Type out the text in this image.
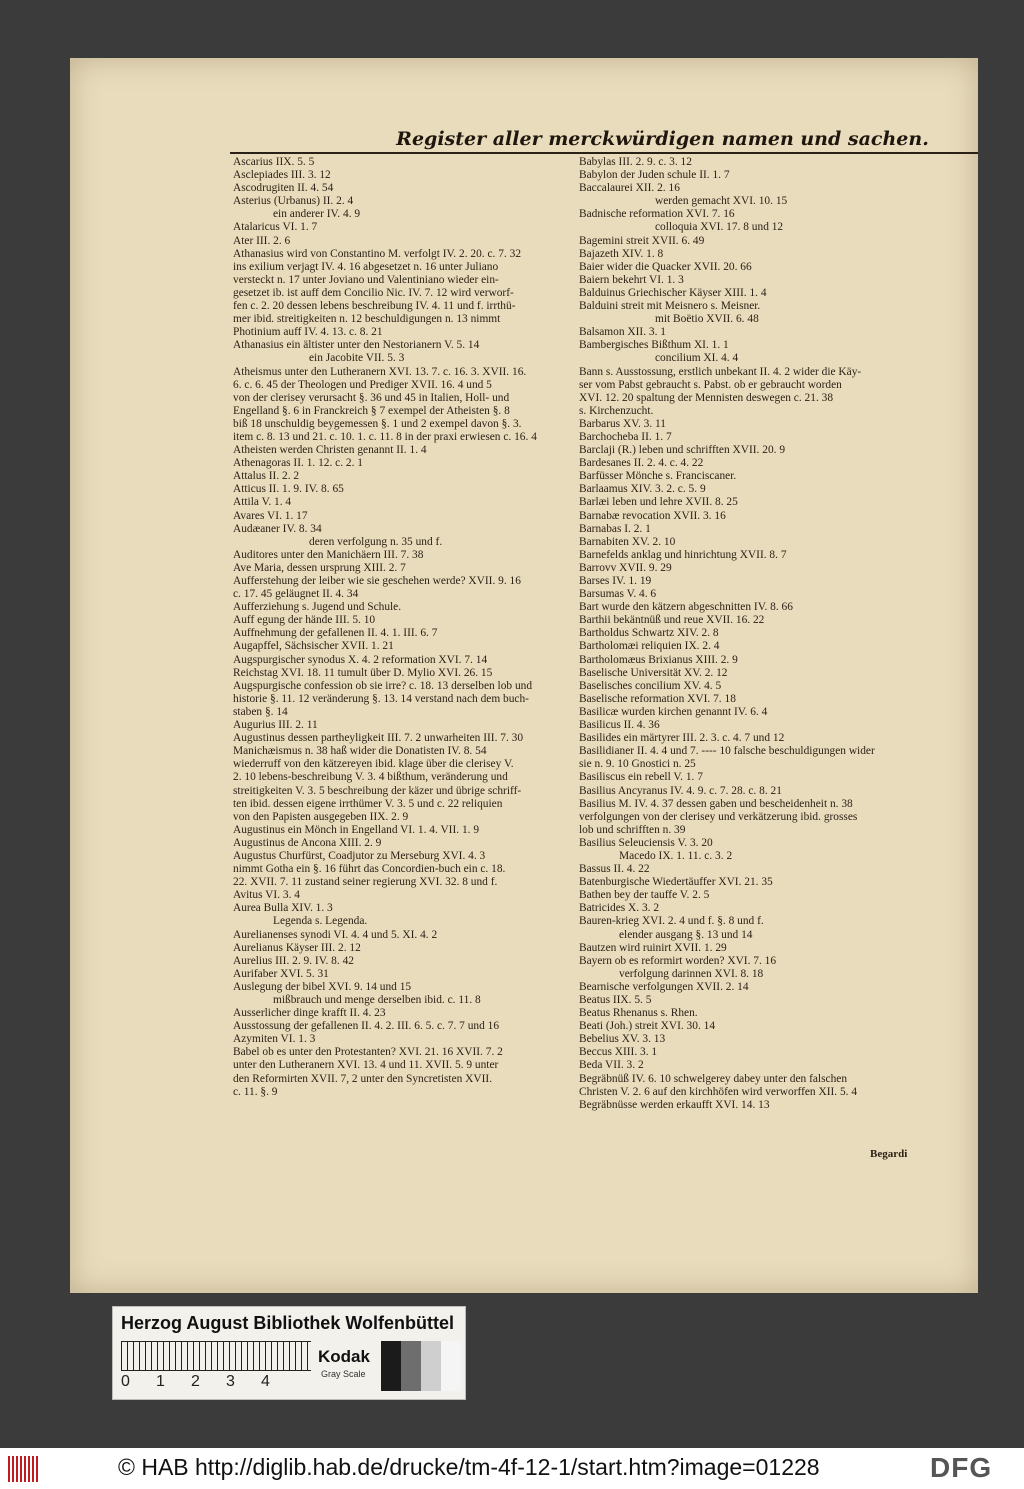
Register aller merckwürdigen namen und sachen.
Ascarius IIX. 5. 5
Asclepiades III. 3. 12
Ascodrugiten II. 4. 54
Asterius (Urbanus) II. 2. 4
ein anderer IV. 4. 9
Atalaricus VI. 1. 7
Ater III. 2. 6
Athanasius wird von Constantino M. verfolgt IV. 2. 20. c. 7. 32
ins exilium verjagt IV. 4. 16 abgesetzet n. 16 unter Juliano
versteckt n. 17 unter Joviano und Valentiniano wieder ein-
gesetzet ib. ist auff dem Concilio Nic. IV. 7. 12 wird verworf-
fen c. 2. 20 dessen lebens beschreibung IV. 4. 11 und f. irrthü-
mer ibid. streitigkeiten n. 12 beschuldigungen n. 13 nimmt
Photinium auff IV. 4. 13. c. 8. 21
Athanasius ein ältister unter den Nestorianern V. 5. 14
ein Jacobite VII. 5. 3
Atheismus unter den Lutheranern XVI. 13. 7. c. 16. 3. XVII. 16.
6. c. 6. 45 der Theologen und Prediger XVII. 16. 4 und 5
von der clerisey verursacht §. 36 und 45 in Italien, Holl- und
Engelland §. 6 in Franckreich § 7 exempel der Atheisten §. 8
biß 18 unschuldig beygemessen §. 1 und 2 exempel davon §. 3.
item c. 8. 13 und 21. c. 10. 1. c. 11. 8 in der praxi erwiesen c. 16. 4
Atheisten werden Christen genannt II. 1. 4
Athenagoras II. 1. 12. c. 2. 1
Attalus II. 2. 2
Atticus II. 1. 9. IV. 8. 65
Attila V. 1. 4
Avares VI. 1. 17
Audæaner IV. 8. 34
deren verfolgung n. 35 und f.
Auditores unter den Manichäern III. 7. 38
Ave Maria, dessen ursprung XIII. 2. 7
Aufferstehung der leiber wie sie geschehen werde? XVII. 9. 16
c. 17. 45 geläugnet II. 4. 34
Aufferziehung s. Jugend und Schule.
Auff egung der hände III. 5. 10
Auffnehmung der gefallenen II. 4. 1. III. 6. 7
Augapffel, Sächsischer XVII. 1. 21
Augspurgischer synodus X. 4. 2 reformation XVI. 7. 14
Reichstag XVI. 18. 11 tumult über D. Mylio XVI. 26. 15
Augspurgische confession ob sie irre? c. 18. 13 derselben lob und
historie §. 11. 12 veränderung §. 13. 14 verstand nach dem buch-
staben §. 14
Augurius III. 2. 11
Augustinus dessen partheyligkeit III. 7. 2 unwarheiten III. 7. 30
Manichæismus n. 38 haß wider die Donatisten IV. 8. 54
wiederruff von den kätzereyen ibid. klage über die clerisey V.
2. 10 lebens-beschreibung V. 3. 4 bißthum, veränderung und
streitigkeiten V. 3. 5 beschreibung der käzer und übrige schriff-
ten ibid. dessen eigene irrthümer V. 3. 5 und c. 22 reliquien
von den Papisten ausgegeben IIX. 2. 9
Augustinus ein Mönch in Engelland VI. 1. 4. VII. 1. 9
Augustinus de Ancona XIII. 2. 9
Augustus Churfürst, Coadjutor zu Merseburg XVI. 4. 3
nimmt Gotha ein §. 16 führt das Concordien-buch ein c. 18.
22. XVII. 7. 11 zustand seiner regierung XVI. 32. 8 und f.
Avitus VI. 3. 4
Aurea Bulla XIV. 1. 3
Legenda s. Legenda.
Aurelianenses synodi VI. 4. 4 und 5. XI. 4. 2
Aurelianus Käyser III. 2. 12
Aurelius III. 2. 9. IV. 8. 42
Aurifaber XVI. 5. 31
Auslegung der bibel XVI. 9. 14 und 15
mißbrauch und menge derselben ibid. c. 11. 8
Ausserlicher dinge krafft II. 4. 23
Ausstossung der gefallenen II. 4. 2. III. 6. 5. c. 7. 7 und 16
Azymiten VI. 1. 3
Babel ob es unter den Protestanten? XVI. 21. 16 XVII. 7. 2
unter den Lutheranern XVI. 13. 4 und 11. XVII. 5. 9 unter
den Reformirten XVII. 7, 2 unter den Syncretisten XVII.
c. 11. §. 9
Babylas III. 2. 9. c. 3. 12
Babylon der Juden schule II. 1. 7
Baccalaurei XII. 2. 16
werden gemacht XVI. 10. 15
Badnische reformation XVI. 7. 16
colloquia XVI. 17. 8 und 12
Bagemini streit XVII. 6. 49
Bajazeth XIV. 1. 8
Baier wider die Quacker XVII. 20. 66
Baiern bekehrt VI. 1. 3
Balduinus Griechischer Käyser XIII. 1. 4
Balduini streit mit Meisnero s. Meisner.
mit Boëtio XVII. 6. 48
Balsamon XII. 3. 1
Bambergisches Bißthum XI. 1. 1
concilium XI. 4. 4
Bann s. Ausstossung, erstlich unbekant II. 4. 2 wider die Käy-
ser vom Pabst gebraucht s. Pabst. ob er gebraucht worden
XVI. 12. 20 spaltung der Mennisten deswegen c. 21. 38
s. Kirchenzucht.
Barbarus XV. 3. 11
Barchocheba II. 1. 7
Barclaji (R.) leben und schrifften XVII. 20. 9
Bardesanes II. 2. 4. c. 4. 22
Barfüsser Mönche s. Franciscaner.
Barlaamus XIV. 3. 2. c. 5. 9
Barlæi leben und lehre XVII. 8. 25
Barnabæ revocation XVII. 3. 16
Barnabas I. 2. 1
Barnabiten XV. 2. 10
Barnefelds anklag und hinrichtung XVII. 8. 7
Barrovv XVII. 9. 29
Barses IV. 1. 19
Barsumas V. 4. 6
Bart wurde den kätzern abgeschnitten IV. 8. 66
Barthii bekäntnüß und reue XVII. 16. 22
Bartholdus Schwartz XIV. 2. 8
Bartholomæi reliquien IX. 2. 4
Bartholomæus Brixianus XIII. 2. 9
Baselische Universität XV. 2. 12
Baselisches concilium XV. 4. 5
Baselische reformation XVI. 7. 18
Basilicæ wurden kirchen genannt IV. 6. 4
Basilicus II. 4. 36
Basilides ein märtyrer III. 2. 3. c. 4. 7 und 12
Basilidianer II. 4. 4 und 7. ---- 10 falsche beschuldigungen wider
sie n. 9. 10 Gnostici n. 25
Basiliscus ein rebell V. 1. 7
Basilius Ancyranus IV. 4. 9. c. 7. 28. c. 8. 21
Basilius M. IV. 4. 37 dessen gaben und bescheidenheit n. 38
verfolgungen von der clerisey und verkätzerung ibid. grosses
lob und schrifften n. 39
Basilius Seleuciensis V. 3. 20
Macedo IX. 1. 11. c. 3. 2
Bassus II. 4. 22
Batenburgische Wiedertäuffer XVI. 21. 35
Bathen bey der tauffe V. 2. 5
Batricides X. 3. 2
Bauren-krieg XVI. 2. 4 und f. §. 8 und f.
elender ausgang §. 13 und 14
Bautzen wird ruinirt XVII. 1. 29
Bayern ob es reformirt worden? XVI. 7. 16
verfolgung darinnen XVI. 8. 18
Bearnische verfolgungen XVII. 2. 14
Beatus IIX. 5. 5
Beatus Rhenanus s. Rhen.
Beati (Joh.) streit XVI. 30. 14
Bebelius XV. 3. 13
Beccus XIII. 3. 1
Beda VII. 3. 2
Begräbnüß IV. 6. 10 schwelgerey dabey unter den falschen
Christen V. 2. 6 auf den kirchhöfen wird verworffen XII. 5. 4
Begräbnüsse werden erkaufft XVI. 14. 13
Begardi
Herzog August Bibliothek Wolfenbüttel
0 1 2 3 4
Kodak
Gray Scale
© HAB http://diglib.hab.de/drucke/tm-4f-12-1/start.htm?image=01228	DFG
